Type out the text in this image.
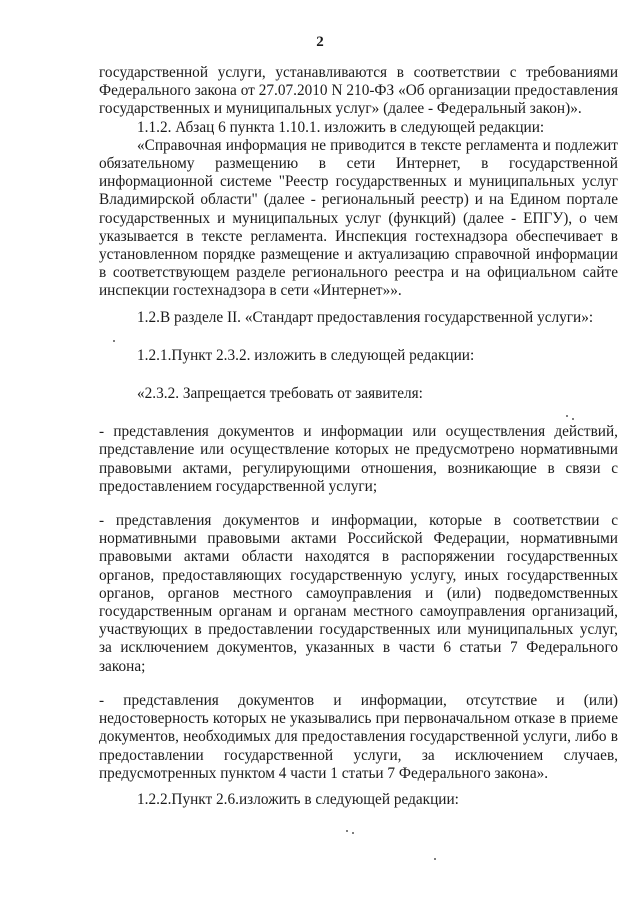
2

государственной услуги, устанавливаются в соответствии с требованиями Федерального закона от 27.07.2010 N 210-ФЗ «Об организации предоставления государственных и муниципальных услуг» (далее - Федеральный закон)».

1.1.2. Абзац 6 пункта 1.10.1. изложить в следующей редакции:

«Справочная информация не приводится в тексте регламента и подлежит обязательному размещению в сети Интернет, в государственной информационной системе "Реестр государственных и муниципальных услуг Владимирской области" (далее - региональный реестр) и на Едином портале государственных и муниципальных услуг (функций) (далее - ЕПГУ), о чем указывается в тексте регламента. Инспекция гостехнадзора обеспечивает в установленном порядке размещение и актуализацию справочной информации в соответствующем разделе регионального реестра и на официальном сайте инспекции гостехнадзора в сети «Интернет»».

1.2.В разделе II. «Стандарт предоставления государственной услуги»:

1.2.1.Пункт 2.3.2. изложить в следующей редакции:

«2.3.2. Запрещается требовать от заявителя:

- представления документов и информации или осуществления действий, представление или осуществление которых не предусмотрено нормативными правовыми актами, регулирующими отношения, возникающие в связи с предоставлением государственной услуги;

- представления документов и информации, которые в соответствии с нормативными правовыми актами Российской Федерации, нормативными правовыми актами области находятся в распоряжении государственных органов, предоставляющих государственную услугу, иных государственных органов, органов местного самоуправления и (или) подведомственных государственным органам и органам местного самоуправления организаций, участвующих в предоставлении государственных или муниципальных услуг, за исключением документов, указанных в части 6 статьи 7 Федерального закона;

- представления документов и информации, отсутствие и (или) недостоверность которых не указывались при первоначальном отказе в приеме документов, необходимых для предоставления государственной услуги, либо в предоставлении государственной услуги, за исключением случаев, предусмотренных пунктом 4 части 1 статьи 7 Федерального закона».

1.2.2.Пункт 2.6.изложить в следующей редакции:
